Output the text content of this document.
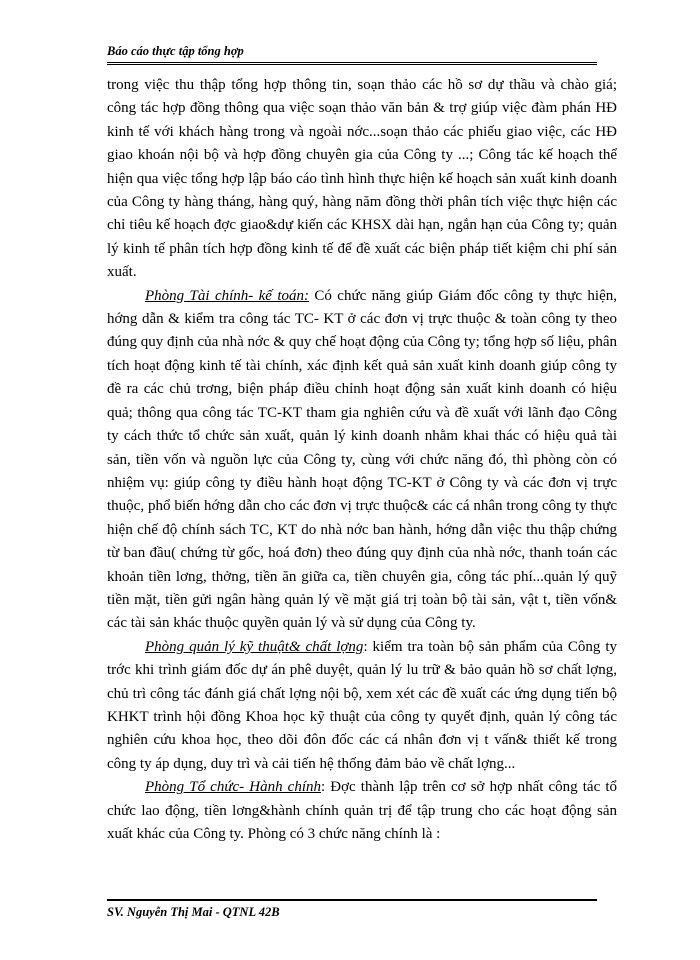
Báo cáo thực tập tổng hợp

trong việc thu thập tổng hợp thông tin, soạn thảo các hồ sơ dự thầu và chào giá; công tác hợp đồng thông qua việc soạn thảo văn bản & trợ giúp việc đàm phán HĐ kinh tế với khách hàng trong và ngoài nớc...soạn thảo các phiếu giao việc, các HĐ giao khoán nội bộ và hợp đồng chuyên gia của Công ty ...; Công tác kế hoạch thể hiện qua việc tổng hợp lập báo cáo tình hình thực hiện kế hoạch sản xuất kinh doanh của Công ty hàng tháng, hàng quý, hàng năm đồng thời phân tích việc thực hiện các chỉ tiêu kế hoạch đợc giao&dự kiến các KHSX dài hạn, ngắn hạn của Công ty; quản lý kinh tế phân tích hợp đồng kinh tế để đề xuất các biện pháp tiết kiệm chi phí sản xuất.

Phòng Tài chính- kế toán: Có chức năng giúp Giám đốc công ty thực hiện, hớng dẫn & kiểm tra công tác TC- KT ở các đơn vị trực thuộc & toàn công ty theo đúng quy định của nhà nớc & quy chế hoạt động của Công ty; tổng hợp số liệu, phân tích hoạt động kinh tế tài chính, xác định kết quả sản xuất kinh doanh giúp công ty đề ra các chủ trơng, biện pháp điều chỉnh hoạt động sản xuất kinh doanh có hiệu quả; thông qua công tác TC-KT tham gia nghiên cứu và đề xuất với lãnh đạo Công ty cách thức tổ chức sản xuất, quản lý kinh doanh nhằm khai thác có hiệu quả tài sản, tiền vốn và nguồn lực của Công ty, cùng với chức năng đó, thì phòng còn có nhiệm vụ: giúp công ty điều hành hoạt động TC-KT ở Công ty và các đơn vị trực thuộc, phổ biến hớng dẫn cho các đơn vị trực thuộc& các cá nhân trong công ty thực hiện chế độ chính sách TC, KT do nhà nớc ban hành, hớng dẫn việc thu thập chứng từ ban đầu( chứng từ gốc, hoá đơn) theo đúng quy định của nhà nớc, thanh toán các khoản tiền lơng, thởng, tiền ăn giữa ca, tiền chuyên gia, công tác phí...quản lý quỹ tiền mặt, tiền gửi ngân hàng quản lý về mặt giá trị toàn bộ tài sản, vật t, tiền vốn& các tài sản khác thuộc quyền quản lý và sử dụng của Công ty.

Phòng quản lý kỹ thuật& chất lợng: kiểm tra toàn bộ sản phẩm của Công ty trớc khi trình giám đốc dự án phê duyệt, quản lý lu trữ & bảo quản hồ sơ chất lợng, chủ trì công tác đánh giá chất lợng nội bộ, xem xét các đề xuất các ứng dụng tiến bộ KHKT trình hội đồng Khoa học kỹ thuật của công ty quyết định, quản lý công tác nghiên cứu khoa học, theo dõi đôn đốc các cá nhân đơn vị t vấn& thiết kế trong công ty áp dụng, duy trì và cải tiến hệ thống đảm bảo về chất lợng...

Phòng Tổ chức- Hành chính: Đợc thành lập trên cơ sở hợp nhất công tác tổ chức lao động, tiền lơng&hành chính quản trị để tập trung cho các hoạt động sản xuất khác của Công ty. Phòng có 3 chức năng chính là :

SV. Nguyễn Thị Mai - QTNL 42B
